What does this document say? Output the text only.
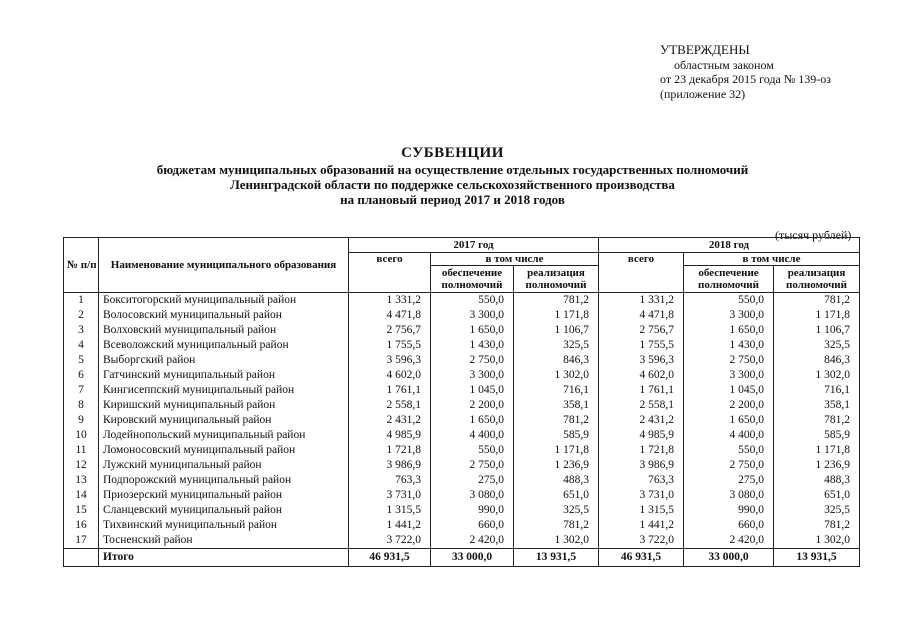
УТВЕРЖДЕНЫ
областным законом
от 23 декабря 2015 года № 139-оз
(приложение 32)
СУБВЕНЦИИ
бюджетам муниципальных образований на осуществление отдельных государственных полномочий
Ленинградской области по поддержке сельскохозяйственного производства
на плановый период 2017 и 2018 годов
(тысяч рублей)
№ п/п	Наименование муниципального образования	2017 год			2018 год		
		всего	в том числе		всего	в том числе	
			обеспечение полномочий	реализация полномочий		обеспечение полномочий	реализация полномочий
1	Бокситогорский муниципальный район	1 331,2	550,0	781,2	1 331,2	550,0	781,2
2	Волосовский муниципальный район	4 471,8	3 300,0	1 171,8	4 471,8	3 300,0	1 171,8
3	Волховский муниципальный район	2 756,7	1 650,0	1 106,7	2 756,7	1 650,0	1 106,7
4	Всеволожский муниципальный район	1 755,5	1 430,0	325,5	1 755,5	1 430,0	325,5
5	Выборгский район	3 596,3	2 750,0	846,3	3 596,3	2 750,0	846,3
6	Гатчинский муниципальный район	4 602,0	3 300,0	1 302,0	4 602,0	3 300,0	1 302,0
7	Кингисеппский муниципальный район	1 761,1	1 045,0	716,1	1 761,1	1 045,0	716,1
8	Киришский муниципальный район	2 558,1	2 200,0	358,1	2 558,1	2 200,0	358,1
9	Кировский муниципальный район	2 431,2	1 650,0	781,2	2 431,2	1 650,0	781,2
10	Лодейнопольский муниципальный район	4 985,9	4 400,0	585,9	4 985,9	4 400,0	585,9
11	Ломоносовский муниципальный район	1 721,8	550,0	1 171,8	1 721,8	550,0	1 171,8
12	Лужский муниципальный район	3 986,9	2 750,0	1 236,9	3 986,9	2 750,0	1 236,9
13	Подпорожский муниципальный район	763,3	275,0	488,3	763,3	275,0	488,3
14	Приозерский муниципальный район	3 731,0	3 080,0	651,0	3 731,0	3 080,0	651,0
15	Сланцевский муниципальный район	1 315,5	990,0	325,5	1 315,5	990,0	325,5
16	Тихвинский муниципальный район	1 441,2	660,0	781,2	1 441,2	660,0	781,2
17	Тосненский район	3 722,0	2 420,0	1 302,0	3 722,0	2 420,0	1 302,0
	Итого	46 931,5	33 000,0	13 931,5	46 931,5	33 000,0	13 931,5
